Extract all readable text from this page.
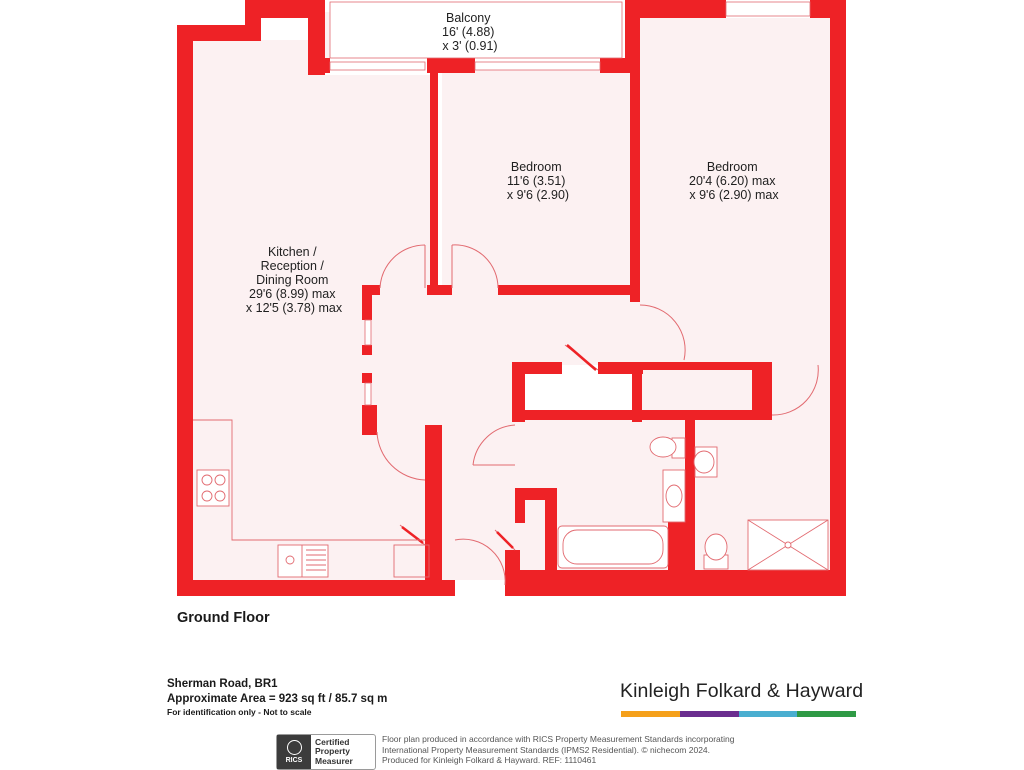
Balcony 16' (4.88) x 3' (0.91)
Bedroom 11'6 (3.51) x 9'6 (2.90)
Bedroom 20'4 (6.20) max x 9'6 (2.90) max
Kitchen / Reception / Dining Room 29'6 (8.99) max x 12'5 (3.78) max
Ground Floor
Sherman Road, BR1
Approximate Area = 923 sq ft / 85.7 sq m
For identification only - Not to scale
Kinleigh Folkard & Hayward
RICS
Certified
Property
Measurer
Floor plan produced in accordance with RICS Property Measurement Standards incorporating
International Property Measurement Standards (IPMS2 Residential). © nichecom 2024.
Produced for Kinleigh Folkard & Hayward. REF: 1110461
